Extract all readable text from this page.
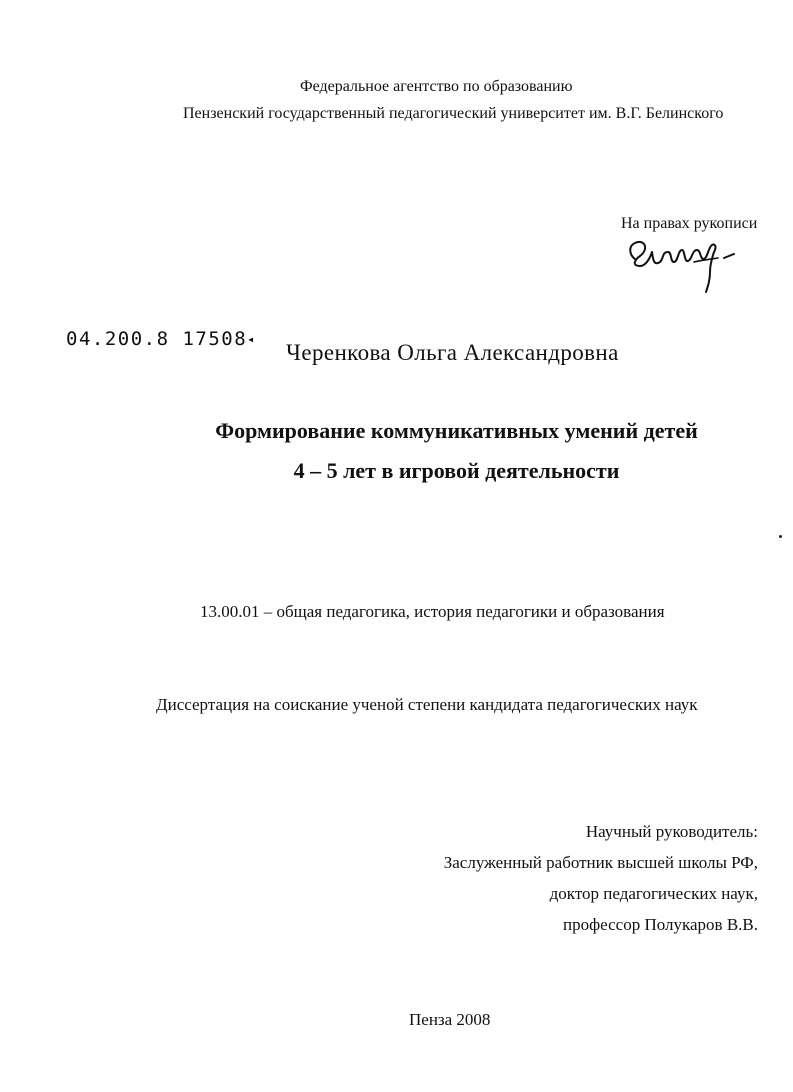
Федеральное агентство по образованию
Пензенский государственный педагогический университет им. В.Г. Белинского
На правах рукописи
04.200.8 17508◂
Черенкова Ольга Александровна
Формирование коммуникативных умений детей
4 – 5 лет в игровой деятельности
13.00.01 – общая педагогика, история педагогики и образования
Диссертация на соискание ученой степени кандидата педагогических наук
Научный руководитель:
Заслуженный работник высшей школы РФ,
доктор педагогических наук,
профессор Полукаров В.В.
Пенза 2008
